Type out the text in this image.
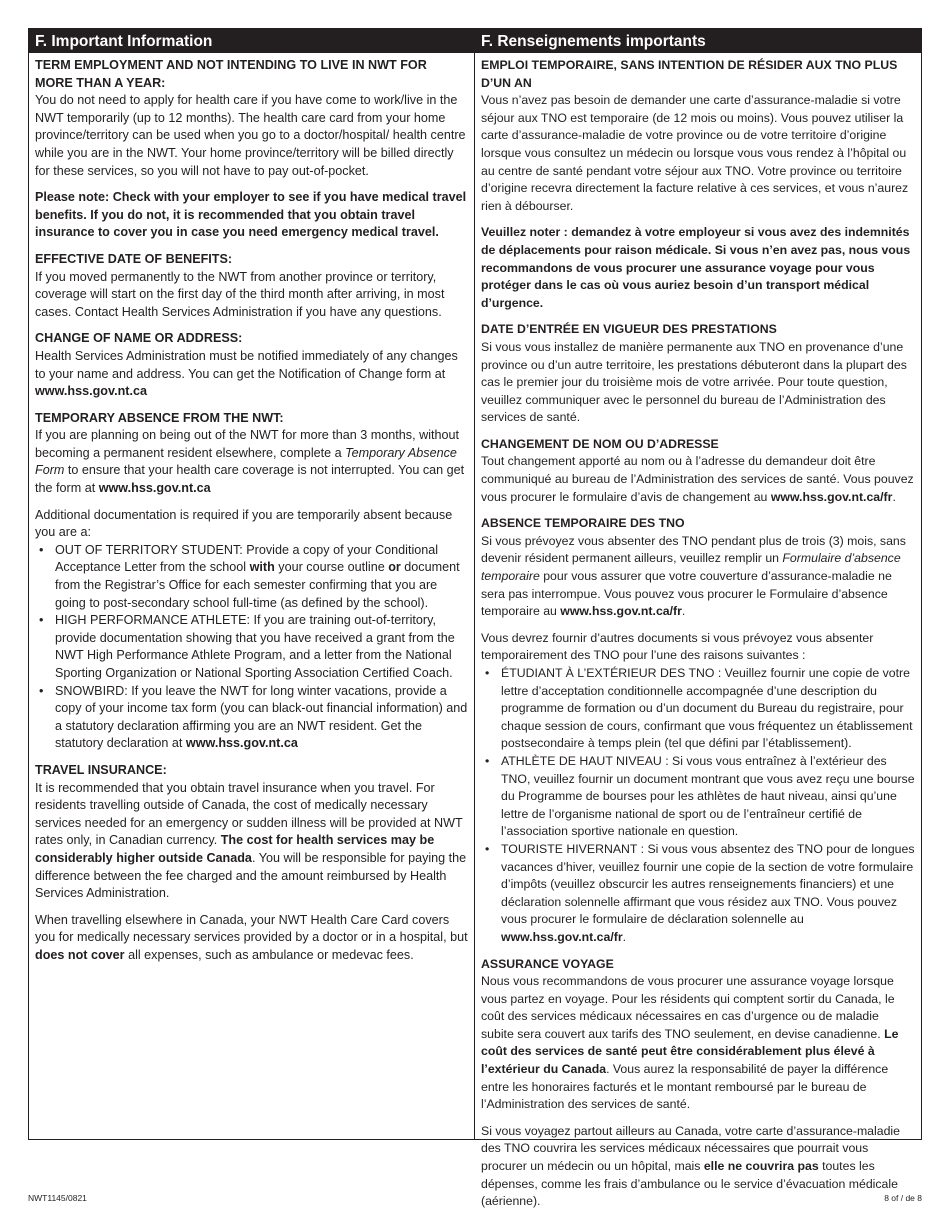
F. Important Information
TERM EMPLOYMENT AND NOT INTENDING TO LIVE IN NWT FOR MORE THAN A YEAR:
You do not need to apply for health care if you have come to work/live in the NWT temporarily (up to 12 months). The health care card from your home province/territory can be used when you go to a doctor/hospital/ health centre while you are in the NWT. Your home province/territory will be billed directly for these services, so you will not have to pay out-of-pocket.
Please note: Check with your employer to see if you have medical travel benefits. If you do not, it is recommended that you obtain travel insurance to cover you in case you need emergency medical travel.
EFFECTIVE DATE OF BENEFITS:
If you moved permanently to the NWT from another province or territory, coverage will start on the first day of the third month after arriving, in most cases. Contact Health Services Administration if you have any questions.
CHANGE OF NAME OR ADDRESS:
Health Services Administration must be notified immediately of any changes to your name and address. You can get the Notification of Change form at www.hss.gov.nt.ca
TEMPORARY ABSENCE FROM THE NWT:
If you are planning on being out of the NWT for more than 3 months, without becoming a permanent resident elsewhere, complete a Temporary Absence Form to ensure that your health care coverage is not interrupted. You can get the form at www.hss.gov.nt.ca
Additional documentation is required if you are temporarily absent because you are a:
• OUT OF TERRITORY STUDENT: Provide a copy of your Conditional Acceptance Letter from the school with your course outline or document from the Registrar’s Office for each semester confirming that you are going to post-secondary school full-time (as defined by the school).
• HIGH PERFORMANCE ATHLETE: If you are training out-of-territory, provide documentation showing that you have received a grant from the NWT High Performance Athlete Program, and a letter from the National Sporting Organization or National Sporting Association Certified Coach.
• SNOWBIRD: If you leave the NWT for long winter vacations, provide a copy of your income tax form (you can black-out financial information) and a statutory declaration affirming you are an NWT resident. Get the statutory declaration at www.hss.gov.nt.ca
TRAVEL INSURANCE:
It is recommended that you obtain travel insurance when you travel. For residents travelling outside of Canada, the cost of medically necessary services needed for an emergency or sudden illness will be provided at NWT rates only, in Canadian currency. The cost for health services may be considerably higher outside Canada. You will be responsible for paying the difference between the fee charged and the amount reimbursed by Health Services Administration.
When travelling elsewhere in Canada, your NWT Health Care Card covers you for medically necessary services provided by a doctor or in a hospital, but does not cover all expenses, such as ambulance or medevac fees.
F. Renseignements importants
EMPLOI TEMPORAIRE, SANS INTENTION DE RÉSIDER AUX TNO PLUS D’UN AN
Vous n’avez pas besoin de demander une carte d’assurance-maladie si votre séjour aux TNO est temporaire (de 12 mois ou moins). Vous pouvez utiliser la carte d’assurance-maladie de votre province ou de votre territoire d’origine lorsque vous consultez un médecin ou lorsque vous vous rendez à l’hôpital ou au centre de santé pendant votre séjour aux TNO. Votre province ou territoire d’origine recevra directement la facture relative à ces services, et vous n’aurez rien à débourser.
Veuillez noter : demandez à votre employeur si vous avez des indemnités de déplacements pour raison médicale. Si vous n’en avez pas, nous vous recommandons de vous procurer une assurance voyage pour vous protéger dans le cas où vous auriez besoin d’un transport médical d’urgence.
DATE D’ENTRÉE EN VIGUEUR DES PRESTATIONS
Si vous vous installez de manière permanente aux TNO en provenance d’une province ou d’un autre territoire, les prestations débuteront dans la plupart des cas le premier jour du troisième mois de votre arrivée. Pour toute question, veuillez communiquer avec le personnel du bureau de l’Administration des services de santé.
CHANGEMENT DE NOM OU D’ADRESSE
Tout changement apporté au nom ou à l’adresse du demandeur doit être communiqué au bureau de l’Administration des services de santé. Vous pouvez vous procurer le formulaire d’avis de changement au www.hss.gov.nt.ca/fr.
ABSENCE TEMPORAIRE DES TNO
Si vous prévoyez vous absenter des TNO pendant plus de trois (3) mois, sans devenir résident permanent ailleurs, veuillez remplir un Formulaire d’absence temporaire pour vous assurer que votre couverture d’assurance-maladie ne sera pas interrompue. Vous pouvez vous procurer le Formulaire d’absence temporaire au www.hss.gov.nt.ca/fr.
Vous devrez fournir d’autres documents si vous prévoyez vous absenter temporairement des TNO pour l’une des raisons suivantes :
• ÉTUDIANT À L’EXTÉRIEUR DES TNO : Veuillez fournir une copie de votre lettre d’acceptation conditionnelle accompagnée d’une description du programme de formation ou d’un document du Bureau du registraire, pour chaque session de cours, confirmant que vous fréquentez un établissement postsecondaire à temps plein (tel que défini par l’établissement).
• ATHLÈTE DE HAUT NIVEAU : Si vous vous entraînez à l’extérieur des TNO, veuillez fournir un document montrant que vous avez reçu une bourse du Programme de bourses pour les athlètes de haut niveau, ainsi qu’une lettre de l’organisme national de sport ou de l’entraîneur certifié de l’association sportive nationale en question.
• TOURISTE HIVERNANT : Si vous vous absentez des TNO pour de longues vacances d’hiver, veuillez fournir une copie de la section de votre formulaire d’impôts (veuillez obscurcir les autres renseignements financiers) et une déclaration solennelle affirmant que vous résidez aux TNO. Vous pouvez vous procurer le formulaire de déclaration solennelle au www.hss.gov.nt.ca/fr.
ASSURANCE VOYAGE
Nous vous recommandons de vous procurer une assurance voyage lorsque vous partez en voyage. Pour les résidents qui comptent sortir du Canada, le coût des services médicaux nécessaires en cas d’urgence ou de maladie subite sera couvert aux tarifs des TNO seulement, en devise canadienne. Le coût des services de santé peut être considérablement plus élevé à l’extérieur du Canada. Vous aurez la responsabilité de payer la différence entre les honoraires facturés et le montant remboursé par le bureau de l’Administration des services de santé.
Si vous voyagez partout ailleurs au Canada, votre carte d’assurance-maladie des TNO couvrira les services médicaux nécessaires que pourrait vous procurer un médecin ou un hôpital, mais elle ne couvrira pas toutes les dépenses, comme les frais d’ambulance ou le service d’évacuation médicale (aérienne).
NWT1145/0821	8 of / de 8
